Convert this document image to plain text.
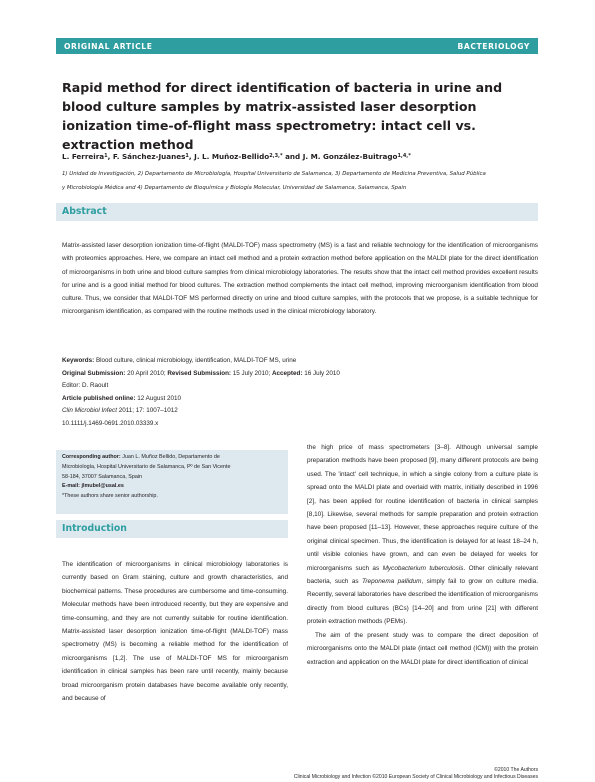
ORIGINAL ARTICLE	BACTERIOLOGY
Rapid method for direct identification of bacteria in urine and blood culture samples by matrix-assisted laser desorption ionization time-of-flight mass spectrometry: intact cell vs. extraction method
L. Ferreira$^1$, F. Sánchez-Juanes$^1$, J. L. Muñoz-Bellido$^{2,3,*}$ and J. M. González-Buitrago$^{1,4,*}$
1) Unidad de Investigación, 2) Departamento de Microbiología, Hospital Universitario de Salamanca, 3) Departamento de Medicina Preventiva, Salud Pública
y Microbiología Médica and 4) Departamento de Bioquímica y Biología Molecular, Universidad de Salamanca, Salamanca, Spain
Abstract

Matrix-assisted laser desorption ionization time-of-flight (MALDI-TOF) mass spectrometry (MS) is a fast and reliable technology for the identification of microorganisms with proteomics approaches. Here, we compare an intact cell method and a protein extraction method before application on the MALDI plate for the direct identification of microorganisms in both urine and blood culture samples from clinical microbiology laboratories. The results show that the intact cell method provides excellent results for urine and is a good initial method for blood cultures. The extraction method complements the intact cell method, improving microorganism identification from blood culture. Thus, we consider that MALDI-TOF MS performed directly on urine and blood culture samples, with the protocols that we propose, is a suitable technique for microorganism identification, as compared with the routine methods used in the clinical microbiology laboratory.

Keywords: Blood culture, clinical microbiology, identification, MALDI-TOF MS, urine
Original Submission: 20 April 2010; Revised Submission: 15 July 2010; Accepted: 16 July 2010
Editor: D. Raoult
Article published online: 12 August 2010
Clin Microbiol Infect 2011; 17: 1007–1012
10.1111/j.1469-0691.2010.03339.x
Corresponding author: Juan L. Muñoz Bellido, Departamento de
Microbiología, Hospital Universitario de Salamanca, Pº de San Vicente
58-184, 37007 Salamanca, Spain
E-mail: jlmubel@usal.es
*These authors share senior authorship.
Introduction

The identification of microorganisms in clinical microbiology laboratories is currently based on Gram staining, culture and growth characteristics, and biochemical patterns. These procedures are cumbersome and time-consuming. Molecular methods have been introduced recently, but they are expensive and time-consuming, and they are not currently suitable for routine identification. Matrix-assisted laser desorption ionization time-of-flight (MALDI-TOF) mass spectrometry (MS) is becoming a reliable method for the identification of microorganisms [1,2]. The use of MALDI-TOF MS for microorganism identification in clinical samples has been rare until recently, mainly because broad microorganism protein databases have become available only recently, and because of

the high price of mass spectrometers [3–8]. Although universal sample preparation methods have been proposed [9], many different protocols are being used. The 'intact' cell technique, in which a single colony from a culture plate is spread onto the MALDI plate and overlaid with matrix, initially described in 1996 [2], has been applied for routine identification of bacteria in clinical samples [8,10]. Likewise, several methods for sample preparation and protein extraction have been proposed [11–13]. However, these approaches require culture of the original clinical specimen. Thus, the identification is delayed for at least 18–24 h, until visible colonies have grown, and can even be delayed for weeks for microorganisms such as Mycobacterium tuberculosis. Other clinically relevant bacteria, such as Treponema pallidum, simply fail to grow on culture media. Recently, several laboratories have described the identification of microorganisms directly from blood cultures (BCs) [14–20] and from urine [21] with different protein extraction methods (PEMs).

The aim of the present study was to compare the direct deposition of microorganisms onto the MALDI plate (intact cell method (ICM)) with the protein extraction and application on the MALDI plate for direct identification of clinical

©2010 The Authors
Clinical Microbiology and Infection ©2010 European Society of Clinical Microbiology and Infectious Diseases
